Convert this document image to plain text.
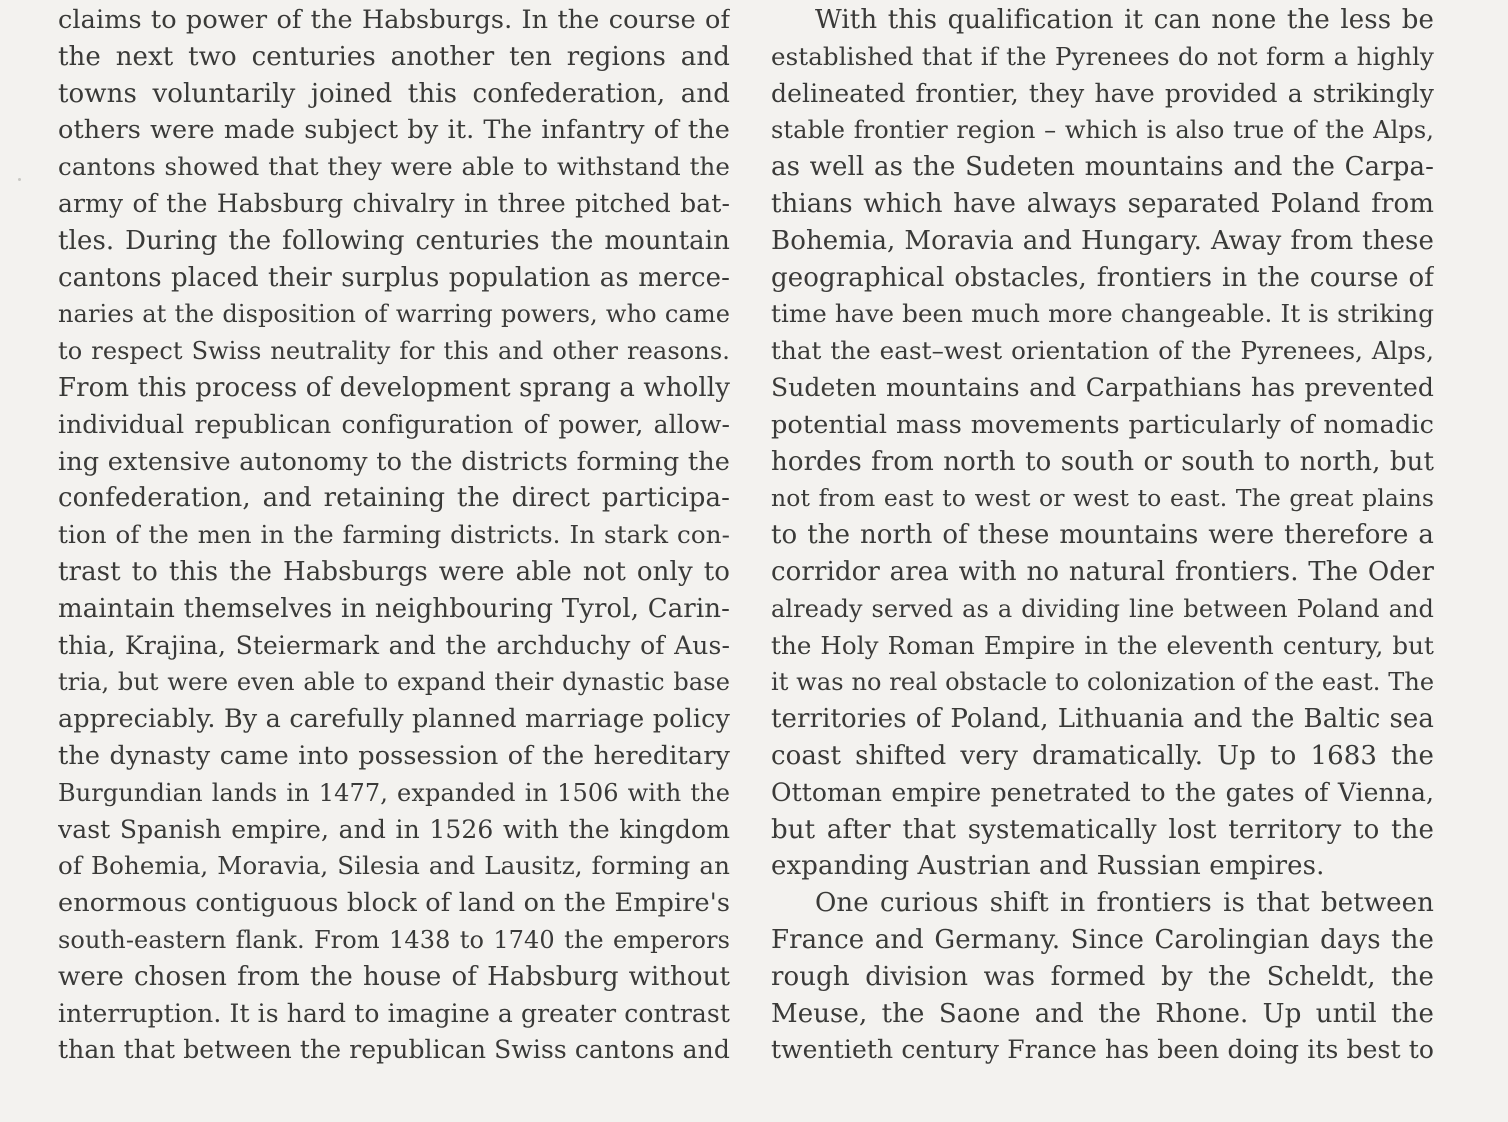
claims to power of the Habsburgs. In the course of
the next two centuries another ten regions and
towns voluntarily joined this confederation, and
others were made subject by it. The infantry of the
cantons showed that they were able to withstand the
army of the Habsburg chivalry in three pitched bat-
tles. During the following centuries the mountain
cantons placed their surplus population as merce-
naries at the disposition of warring powers, who came
to respect Swiss neutrality for this and other reasons.
From this process of development sprang a wholly
individual republican configuration of power, allow-
ing extensive autonomy to the districts forming the
confederation, and retaining the direct participa-
tion of the men in the farming districts. In stark con-
trast to this the Habsburgs were able not only to
maintain themselves in neighbouring Tyrol, Carin-
thia, Krajina, Steiermark and the archduchy of Aus-
tria, but were even able to expand their dynastic base
appreciably. By a carefully planned marriage policy
the dynasty came into possession of the hereditary
Burgundian lands in 1477, expanded in 1506 with the
vast Spanish empire, and in 1526 with the kingdom
of Bohemia, Moravia, Silesia and Lausitz, forming an
enormous contiguous block of land on the Empire's
south-eastern flank. From 1438 to 1740 the emperors
were chosen from the house of Habsburg without
interruption. It is hard to imagine a greater contrast
than that between the republican Swiss cantons and
With this qualification it can none the less be
established that if the Pyrenees do not form a highly
delineated frontier, they have provided a strikingly
stable frontier region – which is also true of the Alps,
as well as the Sudeten mountains and the Carpa-
thians which have always separated Poland from
Bohemia, Moravia and Hungary. Away from these
geographical obstacles, frontiers in the course of
time have been much more changeable. It is striking
that the east–west orientation of the Pyrenees, Alps,
Sudeten mountains and Carpathians has prevented
potential mass movements particularly of nomadic
hordes from north to south or south to north, but
not from east to west or west to east. The great plains
to the north of these mountains were therefore a
corridor area with no natural frontiers. The Oder
already served as a dividing line between Poland and
the Holy Roman Empire in the eleventh century, but
it was no real obstacle to colonization of the east. The
territories of Poland, Lithuania and the Baltic sea
coast shifted very dramatically. Up to 1683 the
Ottoman empire penetrated to the gates of Vienna,
but after that systematically lost territory to the
expanding Austrian and Russian empires.
One curious shift in frontiers is that between
France and Germany. Since Carolingian days the
rough division was formed by the Scheldt, the
Meuse, the Saone and the Rhone. Up until the
twentieth century France has been doing its best to
